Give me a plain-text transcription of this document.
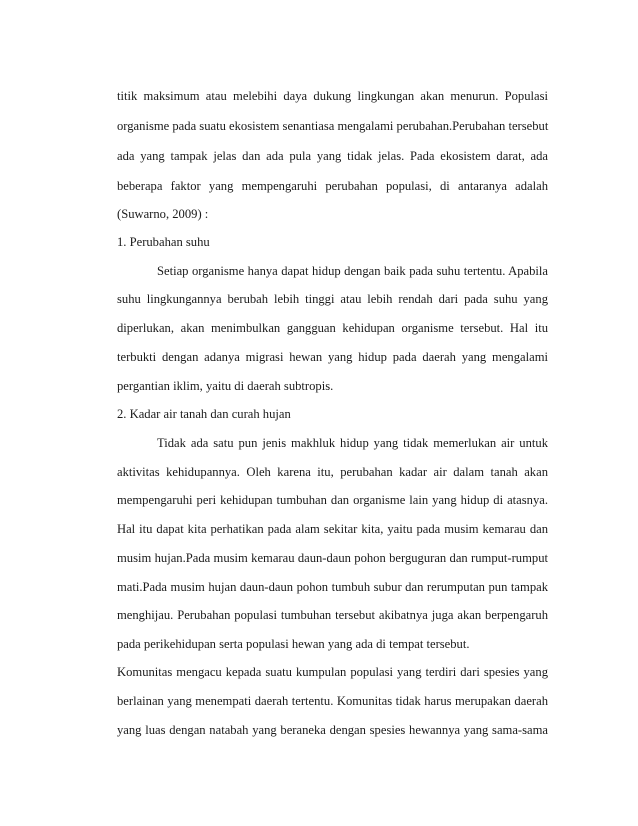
titik maksimum atau melebihi daya dukung lingkungan akan menurun. Populasi
organisme pada suatu ekosistem senantiasa mengalami perubahan.Perubahan tersebut
ada yang tampak jelas dan ada pula yang tidak jelas. Pada ekosistem darat, ada
beberapa faktor yang mempengaruhi perubahan populasi, di antaranya adalah
(Suwarno, 2009) :
1. Perubahan suhu
Setiap organisme hanya dapat hidup dengan baik pada suhu tertentu. Apabila
suhu lingkungannya berubah lebih tinggi atau lebih rendah dari pada suhu yang
diperlukan, akan menimbulkan gangguan kehidupan organisme tersebut. Hal itu
terbukti dengan adanya migrasi hewan yang hidup pada daerah yang mengalami
pergantian iklim, yaitu di daerah subtropis.
2. Kadar air tanah dan curah hujan
Tidak ada satu pun jenis makhluk hidup yang tidak memerlukan air untuk
aktivitas kehidupannya. Oleh karena itu, perubahan kadar air dalam tanah akan
mempengaruhi peri kehidupan tumbuhan dan organisme lain yang hidup di atasnya.
Hal itu dapat kita perhatikan pada alam sekitar kita, yaitu pada musim kemarau dan
musim hujan.Pada musim kemarau daun-daun pohon berguguran dan rumput-rumput
mati.Pada musim hujan daun-daun pohon tumbuh subur dan rerumputan pun tampak
menghijau. Perubahan populasi tumbuhan tersebut akibatnya juga akan berpengaruh
pada perikehidupan serta populasi hewan yang ada di tempat tersebut.
Komunitas mengacu kepada suatu kumpulan populasi yang terdiri dari spesies yang
berlainan yang menempati daerah tertentu. Komunitas tidak harus merupakan daerah
yang luas dengan natabah yang beraneka dengan spesies hewannya yang sama-sama
